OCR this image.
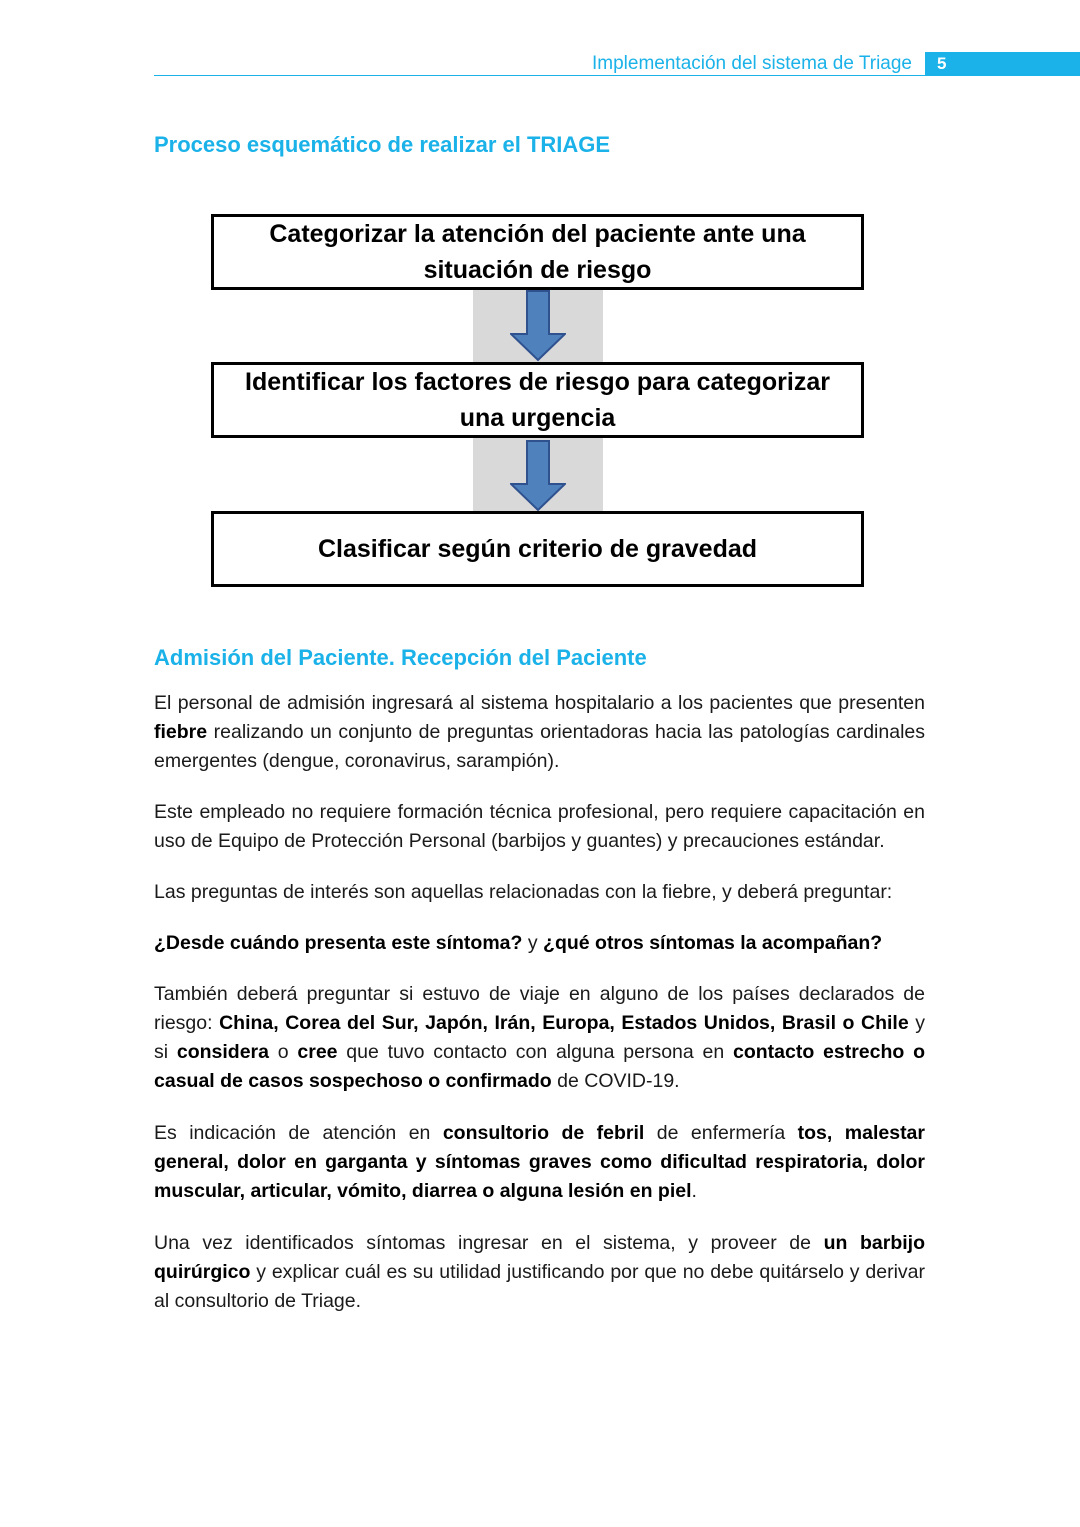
Implementación del sistema de Triage	5
Proceso esquemático de realizar el TRIAGE
Categorizar la atención del paciente ante una situación de riesgo
Identificar los factores de riesgo para categorizar una urgencia
Clasificar según criterio de gravedad
Admisión del Paciente. Recepción del Paciente

El personal de admisión ingresará al sistema hospitalario a los pacientes que presenten fiebre realizando un conjunto de preguntas orientadoras hacia las patologías cardinales emergentes (dengue, coronavirus, sarampión).

Este empleado no requiere formación técnica profesional, pero requiere capacitación en uso de Equipo de Protección Personal (barbijos y guantes) y precauciones estándar.

Las preguntas de interés son aquellas relacionadas con la fiebre, y deberá preguntar:

¿Desde cuándo presenta este síntoma? y ¿qué otros síntomas la acompañan?

También deberá preguntar si estuvo de viaje en alguno de los países declarados de riesgo: China, Corea del Sur, Japón, Irán, Europa, Estados Unidos, Brasil o Chile y si considera o cree que tuvo contacto con alguna persona en contacto estrecho o casual de casos sospechoso o confirmado de COVID-19.

Es indicación de atención en consultorio de febril de enfermería tos, malestar general, dolor en garganta y síntomas graves como dificultad respiratoria, dolor muscular, articular, vómito, diarrea o alguna lesión en piel.

Una vez identificados síntomas ingresar en el sistema, y proveer de un barbijo quirúrgico y explicar cuál es su utilidad justificando por que no debe quitárselo y derivar al consultorio de Triage.
